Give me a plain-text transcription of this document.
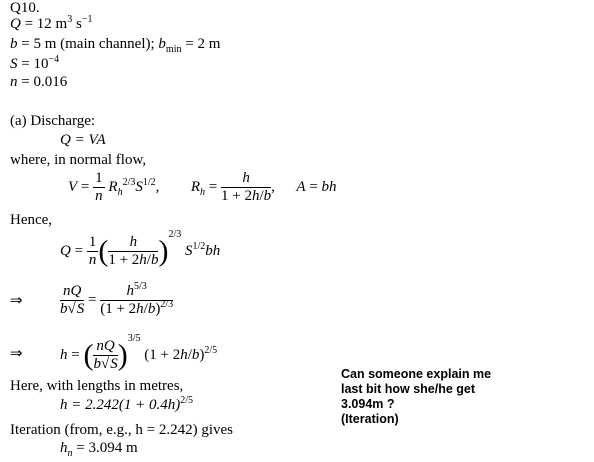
Q10.
Q = 12 $m^3$ $s^{-1}$
b = 5 m (main channel); $b_{min} = 2$ m
$S = 10^{-4}$
n = 0.016
(a) Discharge:
Q = VA
where, in normal flow,
$V = \frac{1}{n} R_h^{2/3}S^{1/2}$,  $R_h = \frac{h}{1 + 2h/b}$ ,  A = bh
Hence,
$Q = \frac{1}{n}$ ( $\frac{h}{1 + 2h/b} )^{2/3}$ $S^{1/2}bh$
⇒ $\frac{nQ}{b√S} = \frac{h^{5/3}}{(1 + 2h/b)^{2/3}}$
⇒ h = ( $\frac{nQ}{b√S} )^{3/5}$ $(1 + 2h/b)^{2/5}$
Here, with lengths in metres,
$h = 2.242(1 + 0.4h)^{2/5}$
Iteration (from, e.g., h = 2.242) gives
$h_n = 3.094$ m
Can someone explain me
last bit how she/he get
3.094m ?
(Iteration)
